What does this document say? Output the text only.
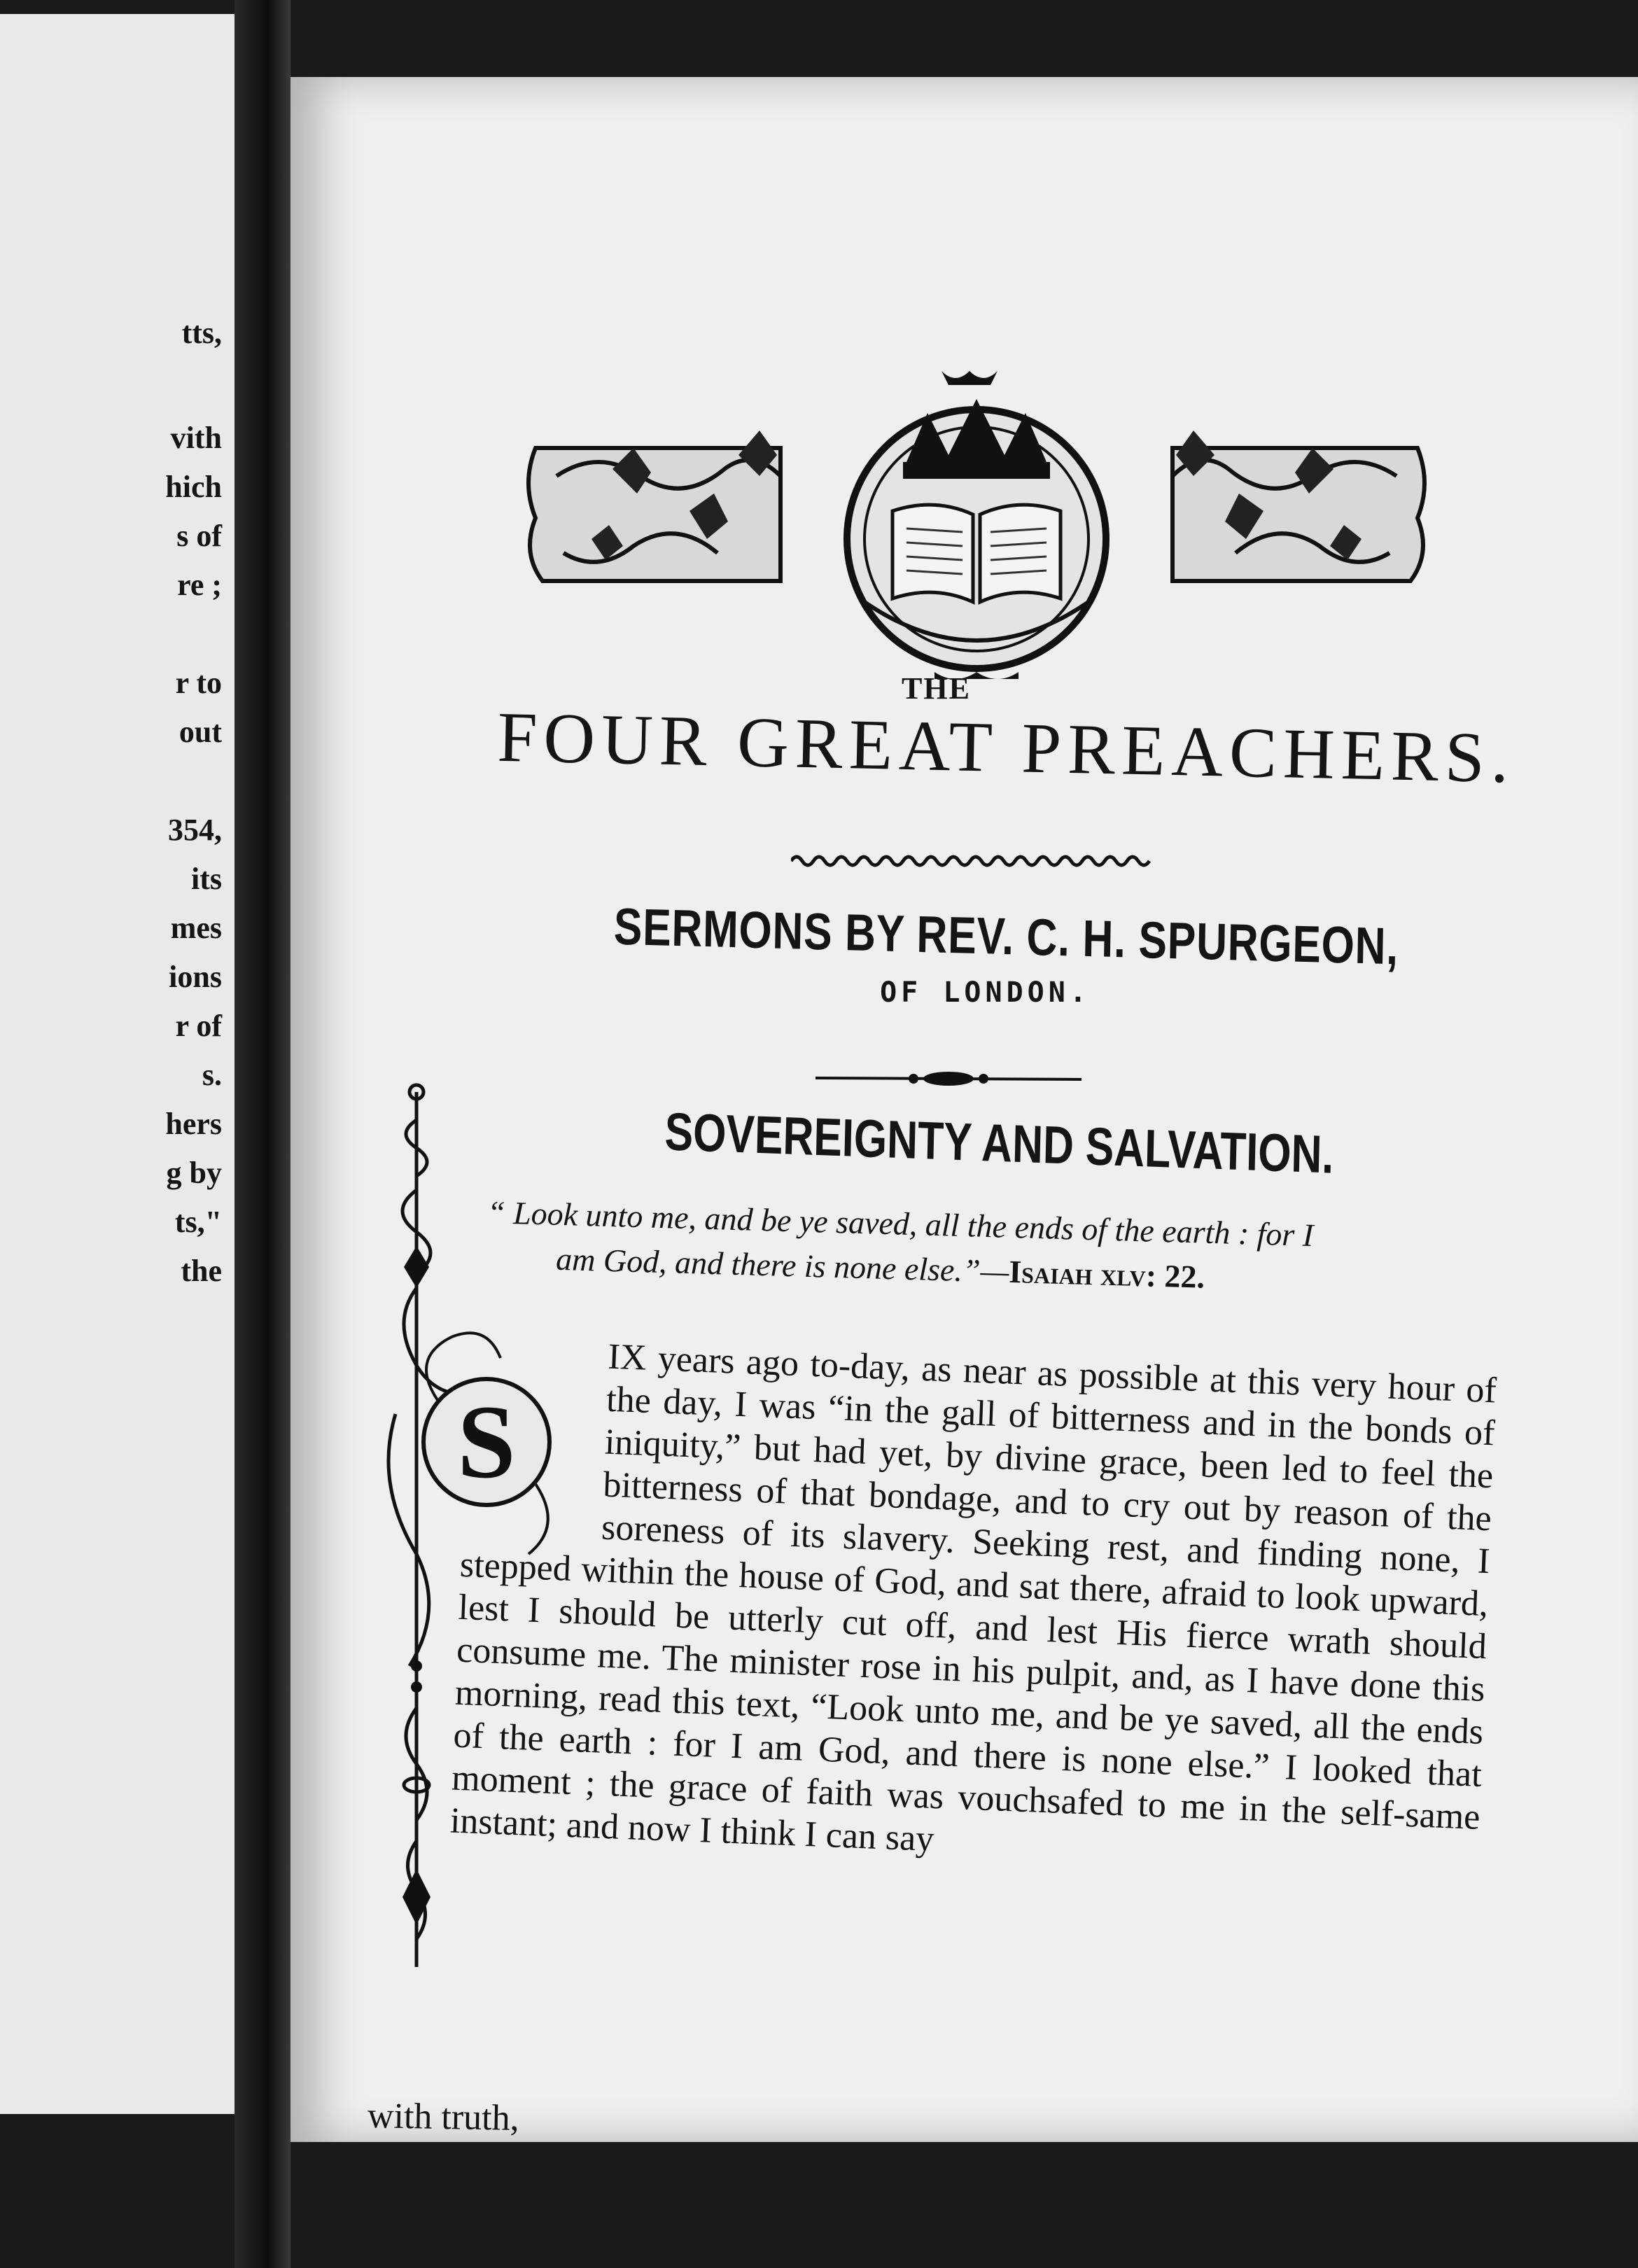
tts,
vith
hich
s of
re ;
r to
out
354,
its
mes
ions
r of
s.
hers
g by
ts,"
the
THE
FOUR GREAT PREACHERS.
SERMONS BY REV. C. H. SPURGEON,
OF LONDON.
SOVEREIGNTY AND SALVATION.
“ Look unto me, and be ye saved, all the ends of the earth : for I
am God, and there is none else.”—Isaiah xlv: 22.
S
IX years ago to-day, as near as possible at this very hour of the day, I was “in the gall of bitterness and in the bonds of iniquity,” but had yet, by divine grace, been led to feel the bitterness of that bondage, and to cry out by reason of the soreness of its slavery. Seeking rest, and finding none, I stepped within the house of God, and sat there, afraid to look upward, lest I should be utterly cut off, and lest His fierce wrath should consume me. The minister rose in his pulpit, and, as I have done this morning, read this text, “Look unto me, and be ye saved, all the ends of the earth : for I am God, and there is none else.” I looked that moment ; the grace of faith was vouchsafed to me in the self-same instant; and now I think I can say
with truth,
